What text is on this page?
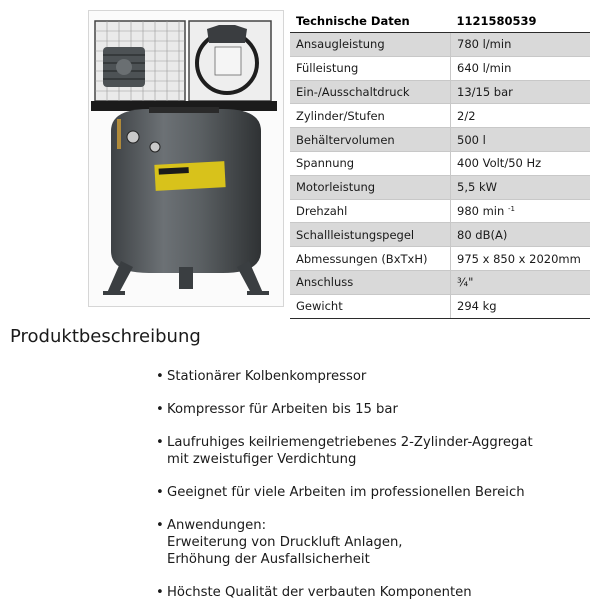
Technische Daten	1121580539
Ansaugleistung	780 l/min
Fülleistung	640 l/min
Ein-/Ausschaltdruck	13/15 bar
Zylinder/Stufen	2/2
Behältervolumen	500 l
Spannung	400 Volt/50 Hz
Motorleistung	5,5 kW
Drehzahl	980 min $^{-1}$
Schallleistungspegel	80 dB(A)
Abmessungen (BxTxH)	975 x 850 x 2020mm
Anschluss	¾"
Gewicht	294 kg
Produktbeschreibung
• Stationärer Kolbenkompressor
• Kompressor für Arbeiten bis 15 bar
• Laufruhiges keilriemengetriebenes 2-Zylinder-Aggregat
mit zweistufiger Verdichtung
• Geeignet für viele Arbeiten im professionellen Bereich
• Anwendungen:
Erweiterung von Druckluft Anlagen,
Erhöhung der Ausfallsicherheit
• Höchste Qualität der verbauten Komponenten
